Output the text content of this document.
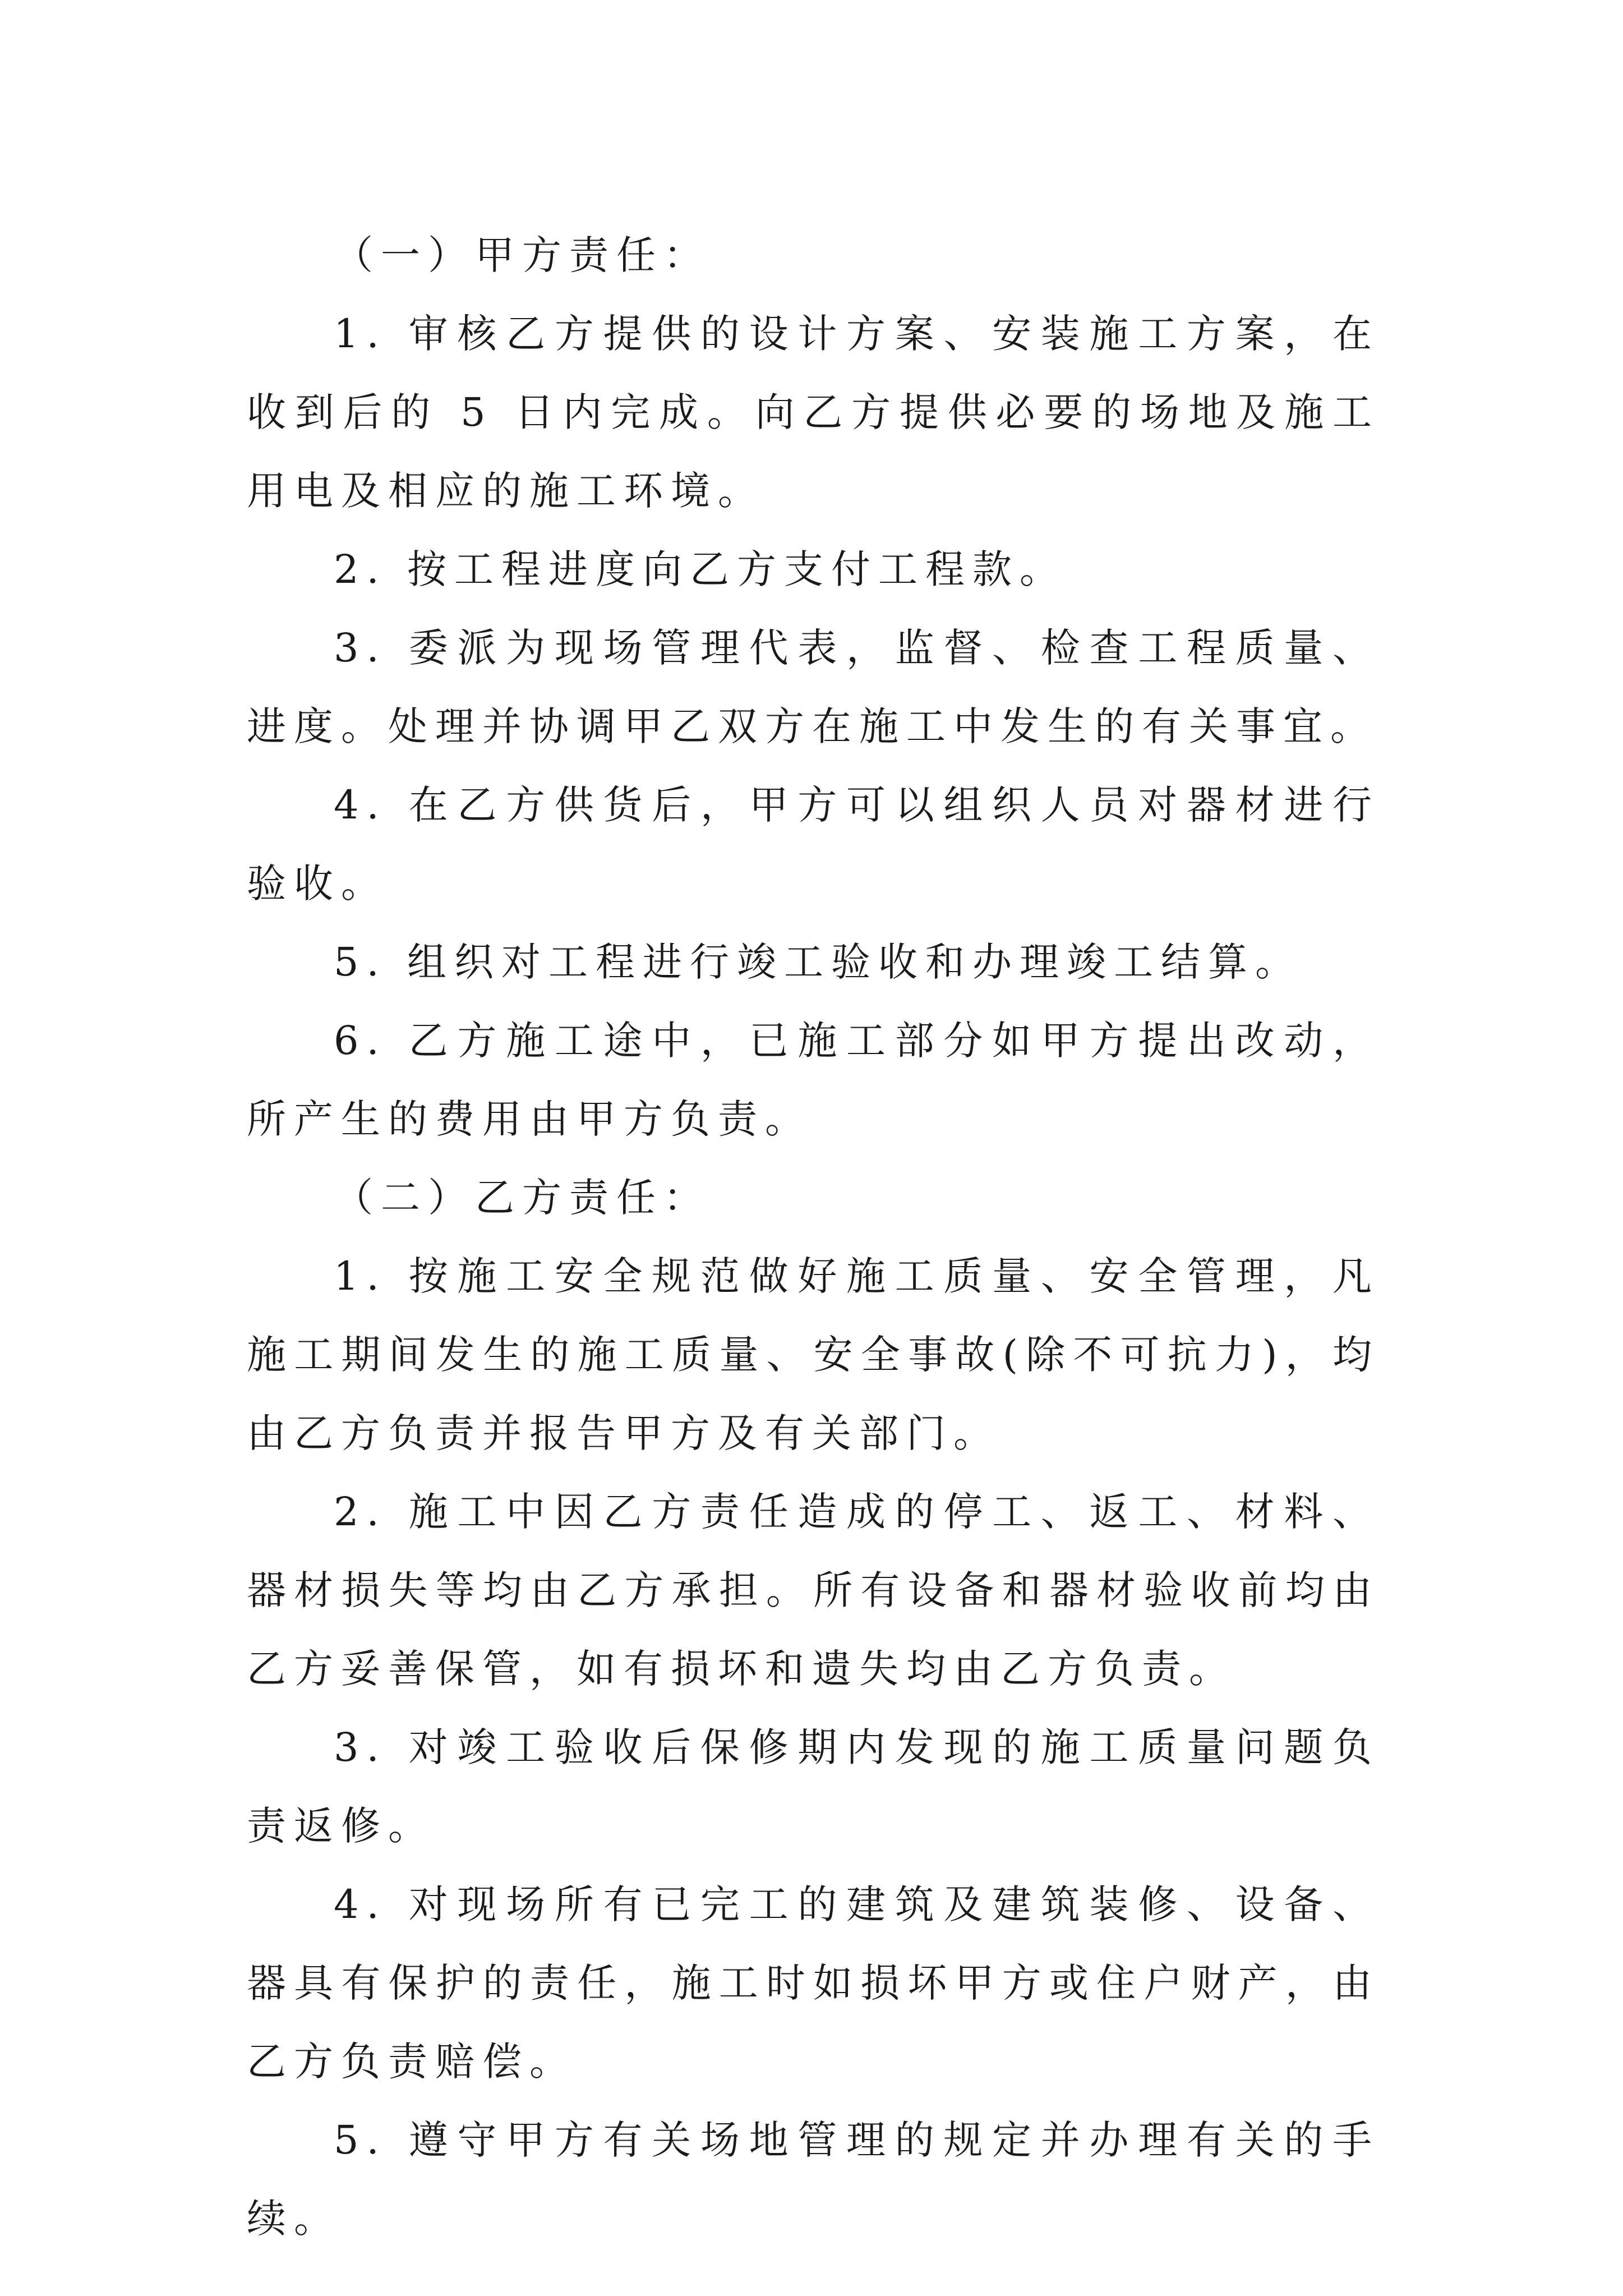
（一）甲方责任：

1. 审核乙方提供的设计方案、安装施工方案，在收到后的 5 日内完成。向乙方提供必要的场地及施工用电及相应的施工环境。

2. 按工程进度向乙方支付工程款。

3. 委派为现场管理代表，监督、检查工程质量、进度。处理并协调甲乙双方在施工中发生的有关事宜。

4. 在乙方供货后，甲方可以组织人员对器材进行验收。

5. 组织对工程进行竣工验收和办理竣工结算。

6. 乙方施工途中，已施工部分如甲方提出改动，所产生的费用由甲方负责。

（二）乙方责任：

1. 按施工安全规范做好施工质量、安全管理，凡施工期间发生的施工质量、安全事故(除不可抗力)，均由乙方负责并报告甲方及有关部门。

2. 施工中因乙方责任造成的停工、返工、材料、器材损失等均由乙方承担。所有设备和器材验收前均由乙方妥善保管，如有损坏和遗失均由乙方负责。

3. 对竣工验收后保修期内发现的施工质量问题负责返修。

4. 对现场所有已完工的建筑及建筑装修、设备、器具有保护的责任，施工时如损坏甲方或住户财产，由乙方负责赔偿。

5. 遵守甲方有关场地管理的规定并办理有关的手续。
